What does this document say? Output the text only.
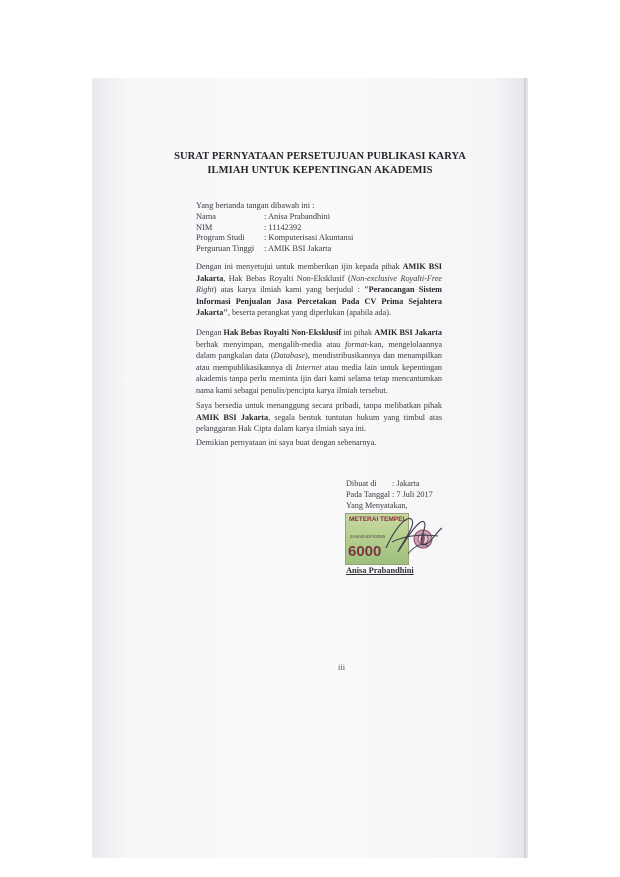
SURAT PERNYATAAN PERSETUJUAN PUBLIKASI KARYA
ILMIAH UNTUK KEPENTINGAN AKADEMIS
Yang bertanda tangan dibawah ini :
Nama	: Anisa Prabandhini
NIM	: 11142392
Program Studi	: Komputerisasi Akuntansi
Perguruan Tinggi	: AMIK BSI Jakarta
Dengan ini menyetujui untuk memberikan ijin kepada pihak AMIK BSI Jakarta, Hak Bebas Royalti Non-Eksklusif (Non-exclusive Royalti-Free Right) atas karya ilmiah kami yang berjudul : "Perancangan Sistem Informasi Penjualan Jasa Percetakan Pada CV Prima Sejahtera Jakarta", beserta perangkat yang diperlukan (apabila ada).
Dengan Hak Bebas Royalti Non-Eksklusif ini pihak AMIK BSI Jakarta berhak menyimpan, mengalih-media atau format-kan, mengelolaannya dalam pangkalan data (Database), mendistribusikannya dan menampilkan atau mempublikasikannya di Internet atau media lain untuk kepentingan akademis tanpa perlu meminta ijin dari kami selama tetap mencantumkan nama kami sebagai penulis/pencipta karya ilmiah tersebut.
Saya bersedia untuk menanggung secara pribadi, tanpa melibatkan pihak AMIK BSI Jakarta, segala bentuk tuntutan hukum yang timbul atas pelanggaran Hak Cipta dalam karya ilmiah saya ini.
Demikian pernyataan ini saya buat dengan sebenarnya.
Dibuat di	: Jakarta
Pada Tanggal : 7 Juli 2017
Yang Menyatakan,
METERAI TEMPEL
2A9AEAEF63065
6000
Anisa Prabandhini
iii
